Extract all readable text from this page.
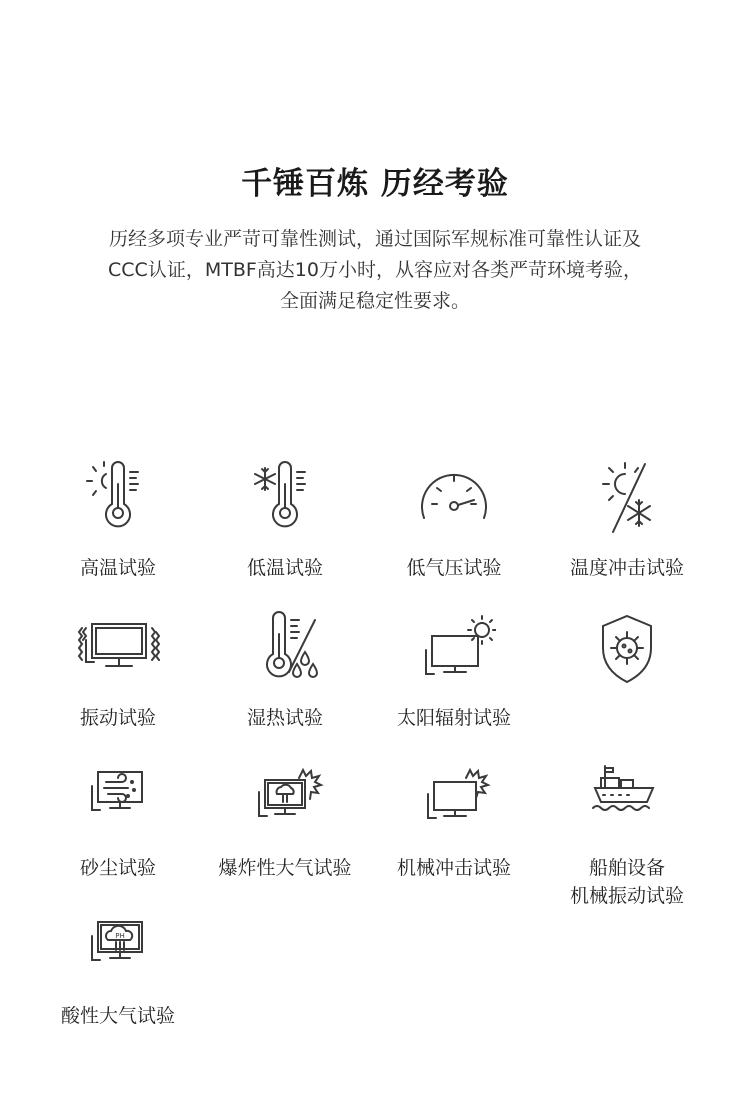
千锤百炼 历经考验

历经多项专业严苛可靠性测试，通过国际军规标准可靠性认证及

CCC认证，MTBF高达10万小时，从容应对各类严苛环境考验，

全面满足稳定性要求。

高温试验	低温试验	低气压试验	温度冲击试验
振动试验	湿热试验	太阳辐射试验
砂尘试验	爆炸性大气试验	机械冲击试验	船舶设备
机械振动试验
PH
酸性大气试验
